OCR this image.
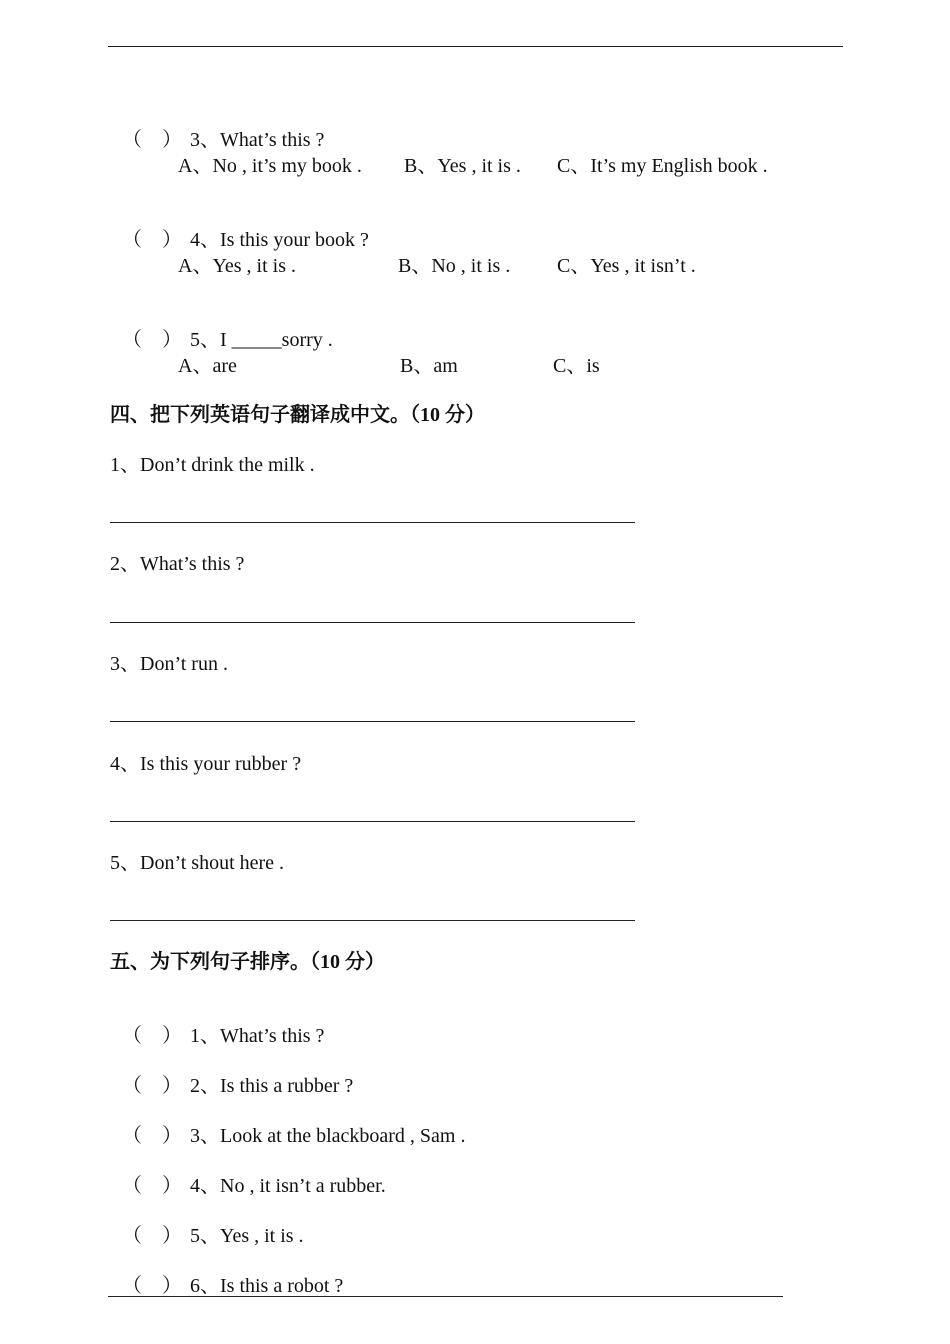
（    ） 3、What’s this ?

A、No , it’s my book . B、Yes , it is . C、It’s my English book .

（    ） 4、Is this your book ?

A、Yes , it is .	B、No , it is . C、Yes , it isn’t .

（    ） 5、I _____sorry .

A、are	B、am	C、is
四、把下列英语句子翻译成中文。（10 分）
1、Don’t drink the milk .
2、What’s this ?
3、Don’t run .
4、Is this your rubber ?
5、Don’t shout here .
五、为下列句子排序。（10 分）

（    ） 1、What’s this ?

（    ） 2、Is this a rubber ?

（    ） 3、Look at the blackboard , Sam .

（    ） 4、No , it isn’t a rubber.

（    ） 5、Yes , it is .

（    ） 6、Is this a robot ?
